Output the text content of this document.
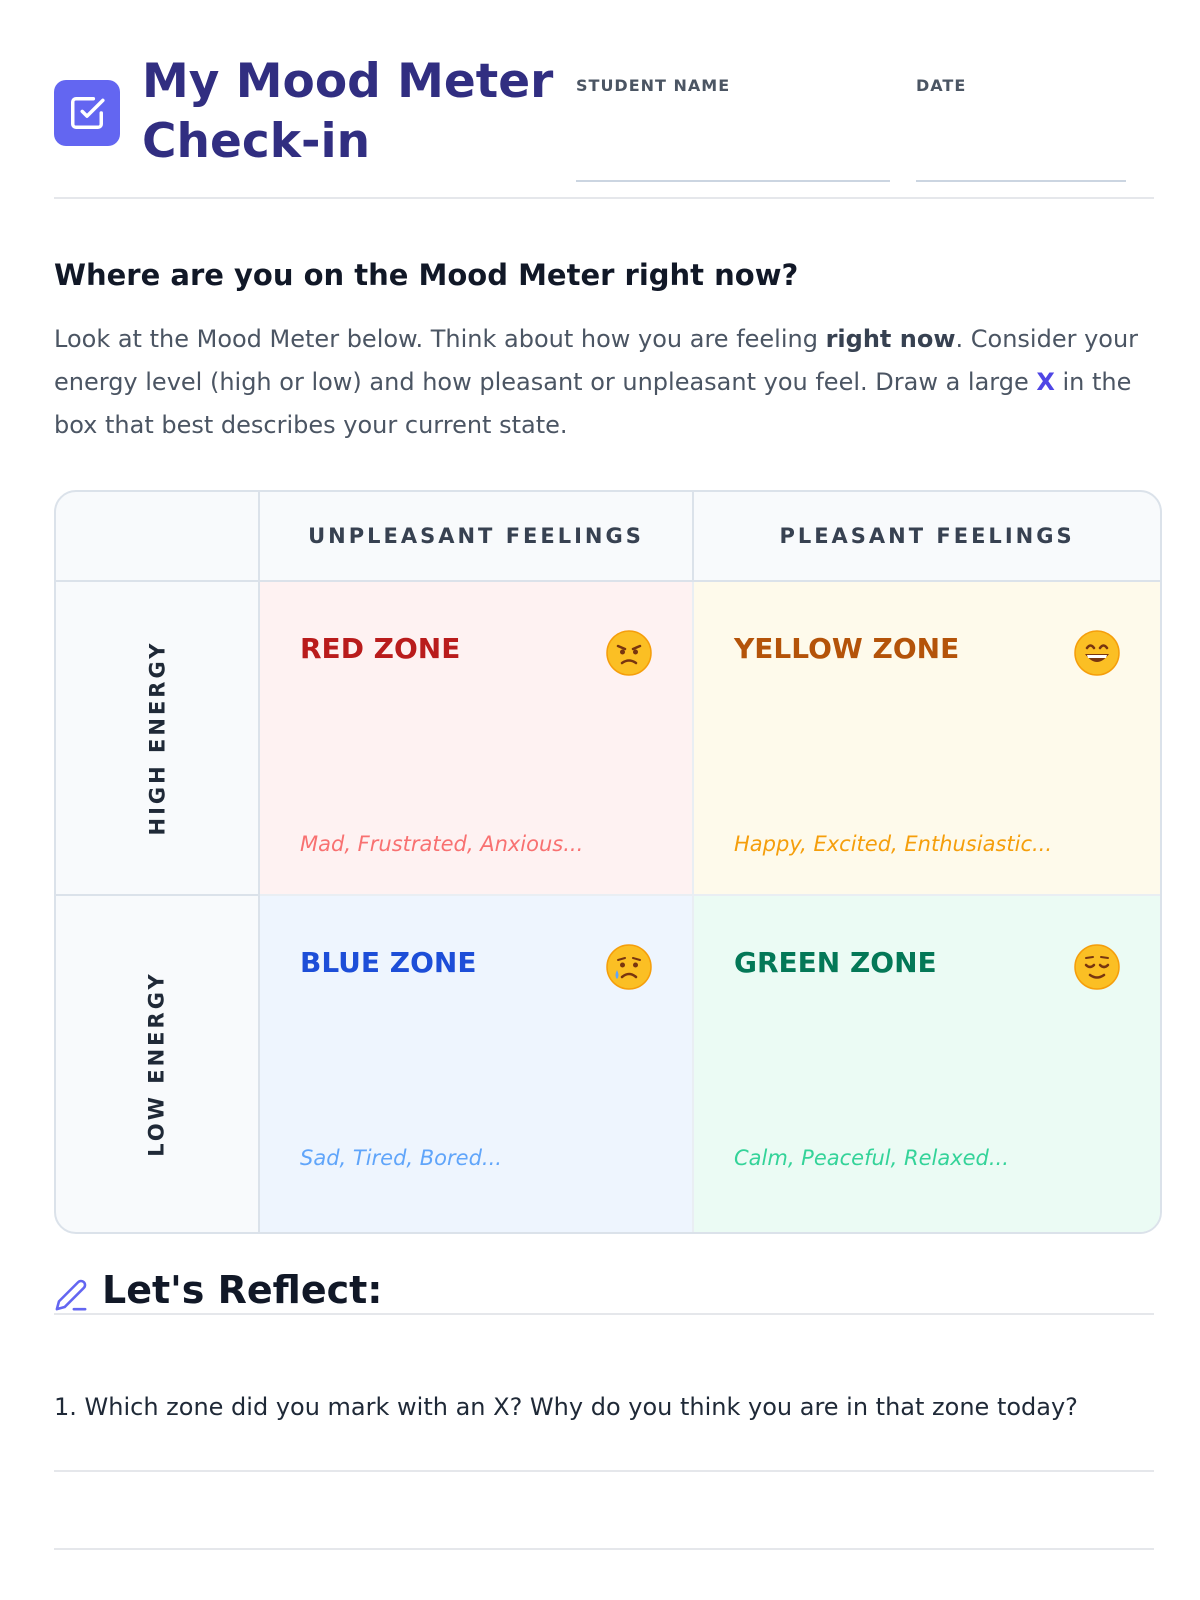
My Mood Meter Check-in
STUDENT NAME	DATE
Where are you on the Mood Meter right now?

Look at the Mood Meter below. Think about how you are feeling right now. Consider your energy level (high or low) and how pleasant or unpleasant you feel. Draw a large X in the box that best describes your current state.

UNPLEASANT FEELINGS	PLEASANT FEELINGS
HIGH ENERGY
LOW ENERGY
RED ZONE
Mad, Frustrated, Anxious...
YELLOW ZONE
Happy, Excited, Enthusiastic...
BLUE ZONE
Sad, Tired, Bored...
GREEN ZONE
Calm, Peaceful, Relaxed...
Let's Reflect:

1. Which zone did you mark with an X? Why do you think you are in that zone today?
